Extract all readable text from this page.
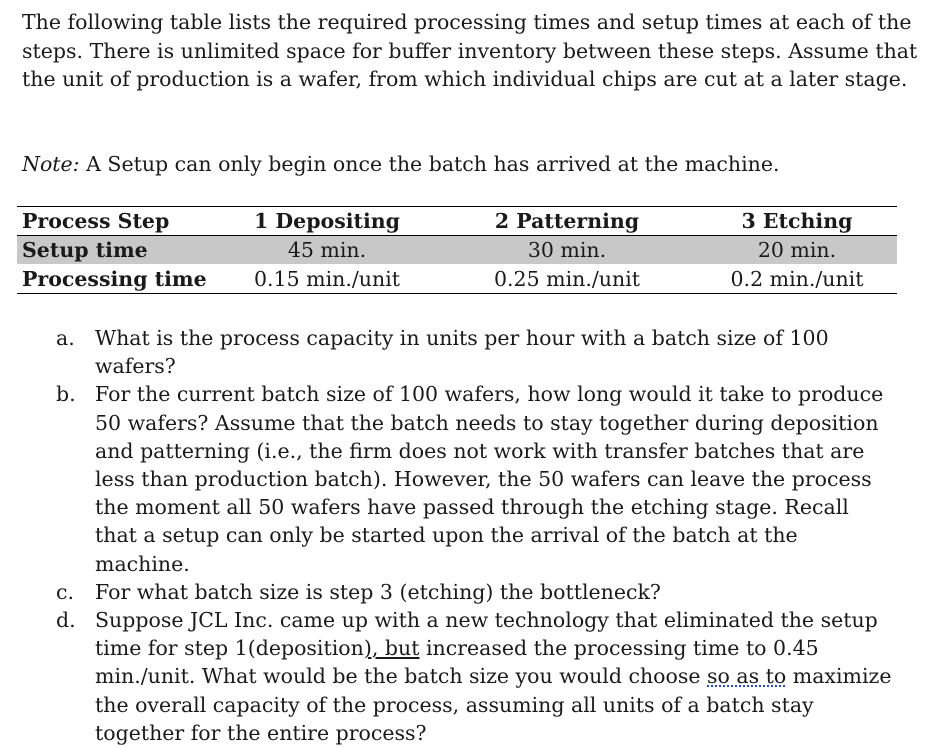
The following table lists the required processing times and setup times at each of the steps. There is unlimited space for buffer inventory between these steps. Assume that the unit of production is a wafer, from which individual chips are cut at a later stage.

Note: A Setup can only begin once the batch has arrived at the machine.

Process Step	1 Depositing	2 Patterning	3 Etching
Setup time	45 min.	30 min.	20 min.
Processing time	0.15 min./unit	0.25 min./unit	0.2 min./unit
a. What is the process capacity in units per hour with a batch size of 100 wafers?
b. For the current batch size of 100 wafers, how long would it take to produce 50 wafers? Assume that the batch needs to stay together during deposition and patterning (i.e., the firm does not work with transfer batches that are less than production batch). However, the 50 wafers can leave the process the moment all 50 wafers have passed through the etching stage. Recall that a setup can only be started upon the arrival of the batch at the machine.
c. For what batch size is step 3 (etching) the bottleneck?
d. Suppose JCL Inc. came up with a new technology that eliminated the setup time for step 1(deposition), but increased the processing time to 0.45 min./unit. What would be the batch size you would choose so as to maximize the overall capacity of the process, assuming all units of a batch stay together for the entire process?
